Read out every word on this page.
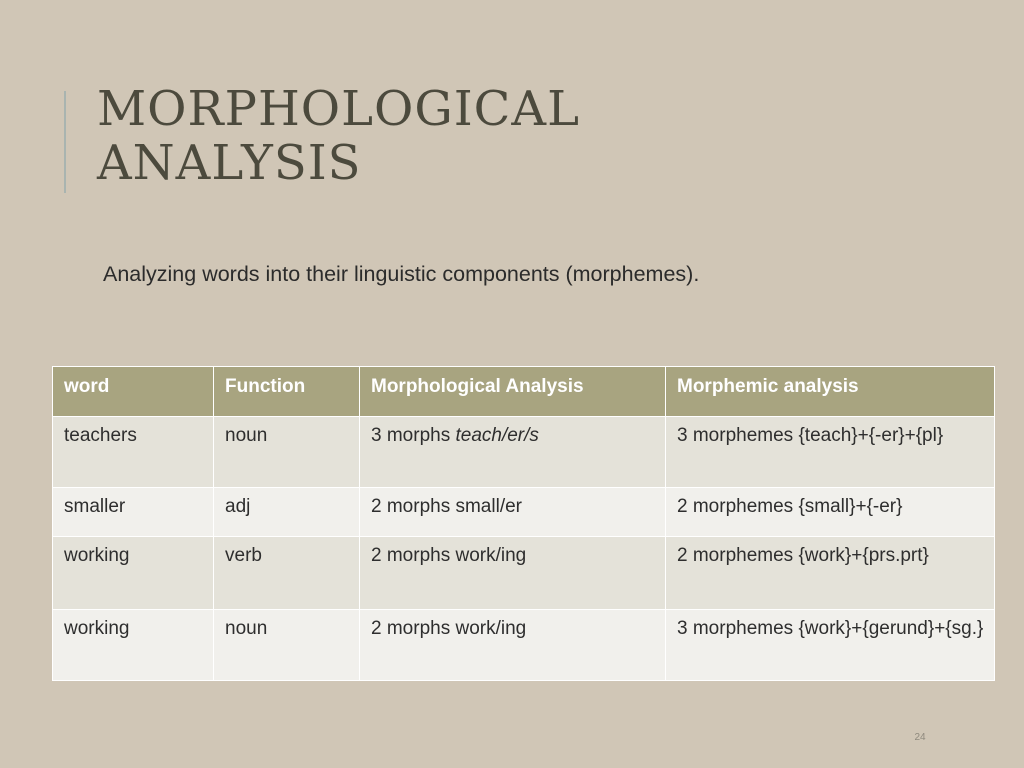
MORPHOLOGICAL
ANALYSIS

Analyzing words into their linguistic components (morphemes).

word	Function	Morphological Analysis	Morphemic analysis
teachers	noun	3 morphs teach/er/s	3 morphemes {teach}+{-er}+{pl}
smaller	adj	2 morphs small/er	2 morphemes {small}+{-er}
working	verb	2 morphs work/ing	2 morphemes {work}+{prs.prt}
working	noun	2 morphs work/ing	3 morphemes {work}+{gerund}+{sg.}
24
